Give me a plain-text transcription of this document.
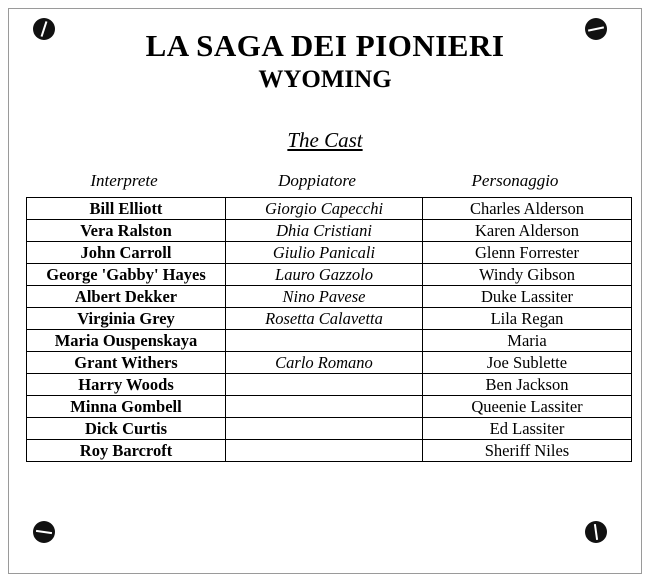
LA SAGA DEI PIONIERI
WYOMING
The Cast
Interprete	Doppiatore	Personaggio
Bill Elliott	Giorgio Capecchi	Charles Alderson
Vera Ralston	Dhia Cristiani	Karen Alderson
John Carroll	Giulio Panicali	Glenn Forrester
George 'Gabby' Hayes	Lauro Gazzolo	Windy Gibson
Albert Dekker	Nino Pavese	Duke Lassiter
Virginia Grey	Rosetta Calavetta	Lila Regan
Maria Ouspenskaya		Maria
Grant Withers	Carlo Romano	Joe Sublette
Harry Woods		Ben Jackson
Minna Gombell		Queenie Lassiter
Dick Curtis		Ed Lassiter
Roy Barcroft		Sheriff Niles
